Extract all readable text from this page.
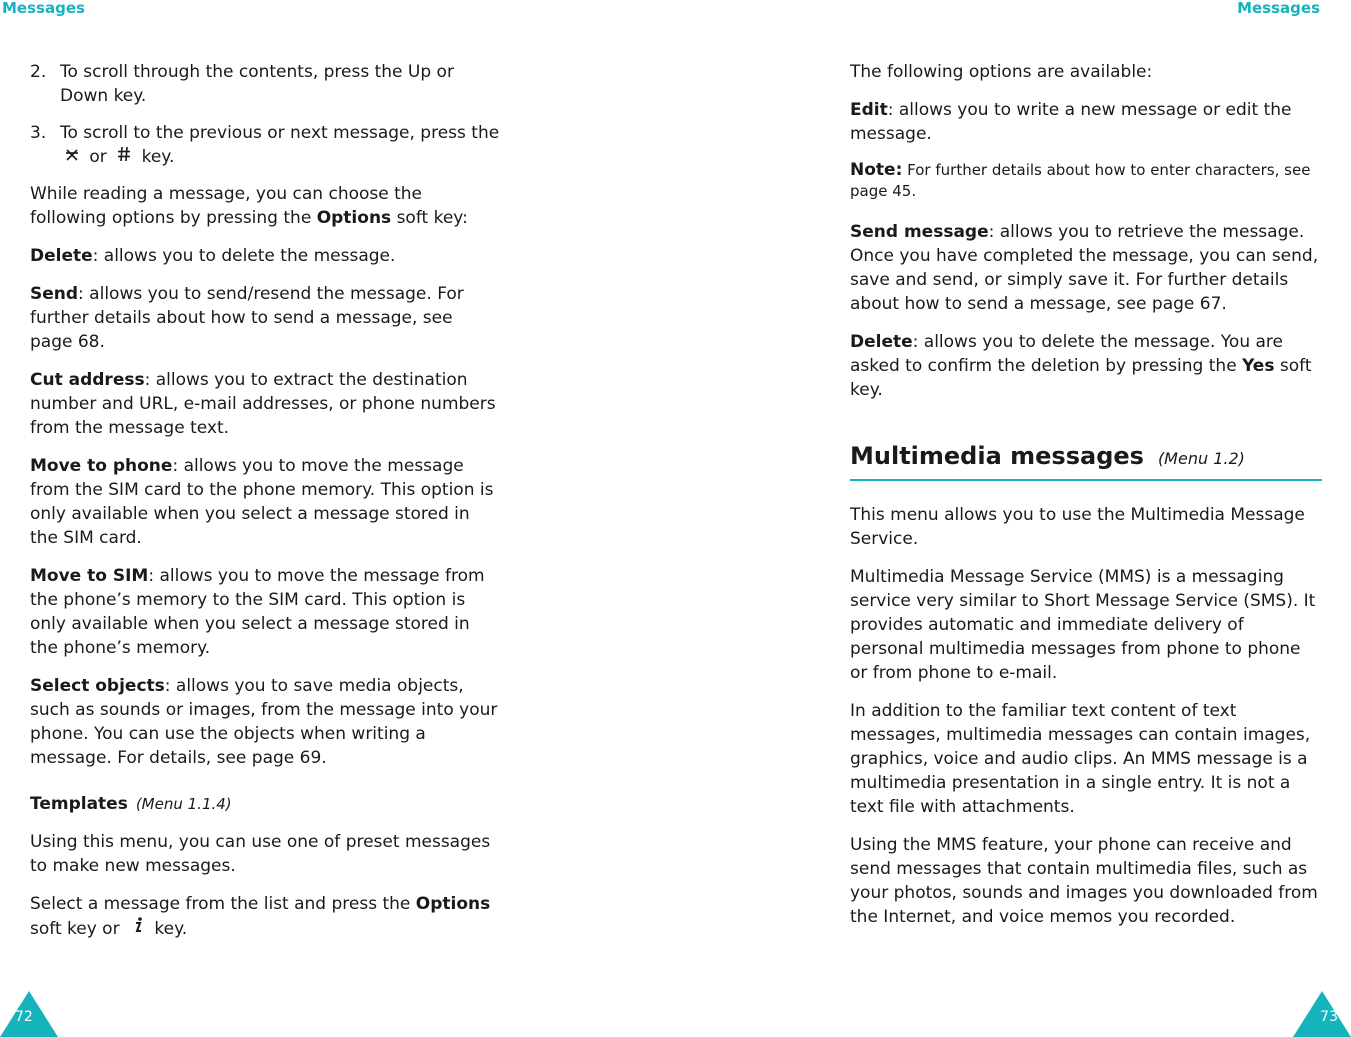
Messages
2. To scroll through the contents, press the Up or Down key.
3. To scroll to the previous or next message, press the  or key.

While reading a message, you can choose the following options by pressing the Options soft key:

Delete: allows you to delete the message.

Send: allows you to send/resend the message. For further details about how to send a message, see page 68.

Cut address: allows you to extract the destination number and URL, e-mail addresses, or phone numbers from the message text.

Move to phone: allows you to move the message from the SIM card to the phone memory. This option is only available when you select a message stored in the SIM card.

Move to SIM: allows you to move the message from the phone’s memory to the SIM card. This option is only available when you select a message stored in the phone’s memory.

Select objects: allows you to save media objects, such as sounds or images, from the message into your phone. You can use the objects when writing a message. For details, see page 69.

Templates (Menu 1.1.4)

Using this menu, you can use one of preset messages to make new messages.

Select a message from the list and press the Options soft key or key.

72
Messages

The following options are available:

Edit: allows you to write a new message or edit the message.

Note: For further details about how to enter characters, see page 45.

Send message: allows you to retrieve the message. Once you have completed the message, you can send, save and send, or simply save it. For further details about how to send a message, see page 67.

Delete: allows you to delete the message. You are asked to confirm the deletion by pressing the Yes soft key.

Multimedia messages (Menu 1.2)

This menu allows you to use the Multimedia Message Service.

Multimedia Message Service (MMS) is a messaging service very similar to Short Message Service (SMS). It provides automatic and immediate delivery of personal multimedia messages from phone to phone or from phone to e-mail.

In addition to the familiar text content of text messages, multimedia messages can contain images, graphics, voice and audio clips. An MMS message is a multimedia presentation in a single entry. It is not a text file with attachments.

Using the MMS feature, your phone can receive and send messages that contain multimedia files, such as your photos, sounds and images you downloaded from the Internet, and voice memos you recorded.

73
